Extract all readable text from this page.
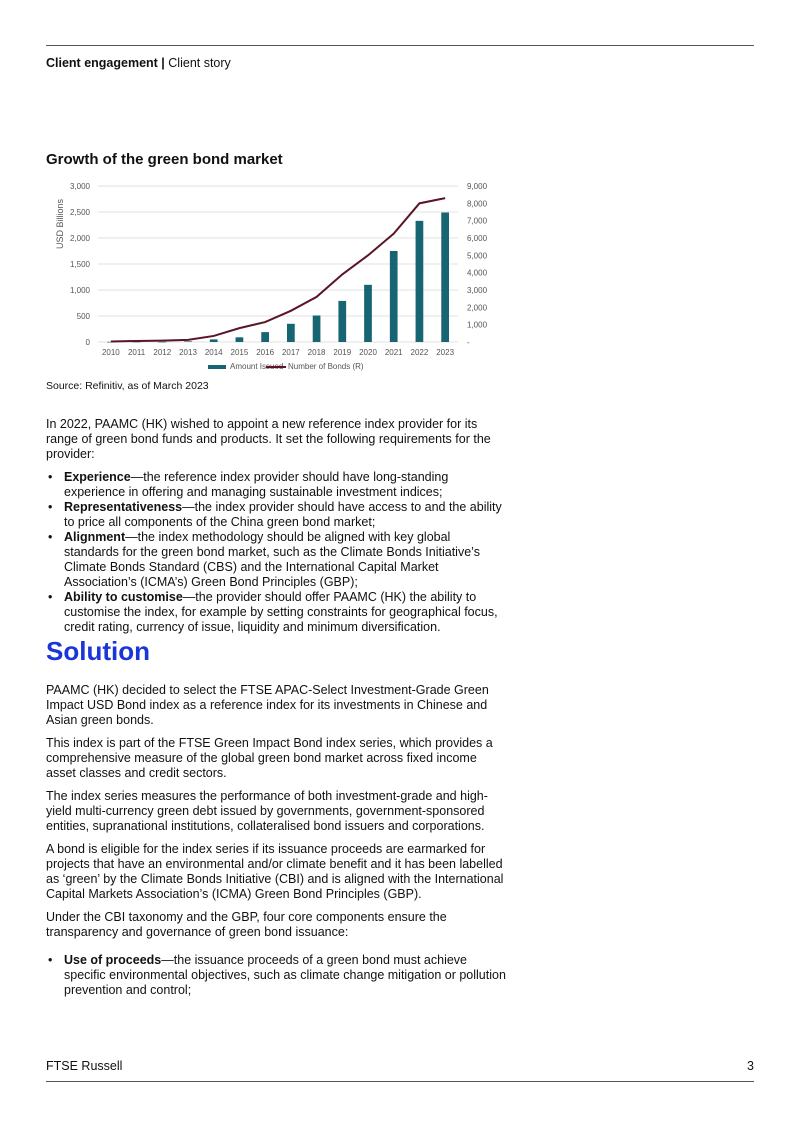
Client engagement | Client story
Growth of the green bond market
0
500
1,000
1,500
2,000
2,500
3,000
-
1,000
2,000
3,000
4,000
5,000
6,000
7,000
8,000
9,000
USD Billions
2010 2011 2012 2013 2014 2015 2016 2017 2018 2019 2020 2021 2022 2023
Amount Issued Number of Bonds (R)
Source: Refinitiv, as of March 2023

In 2022, PAAMC (HK) wished to appoint a new reference index provider for its range of green bond funds and products. It set the following requirements for the provider:

• Experience—the reference index provider should have long-standing experience in offering and managing sustainable investment indices;
• Representativeness—the index provider should have access to and the ability to price all components of the China green bond market;
• Alignment—the index methodology should be aligned with key global standards for the green bond market, such as the Climate Bonds Initiative’s Climate Bonds Standard (CBS) and the International Capital Market Association’s (ICMA’s) Green Bond Principles (GBP);
• Ability to customise—the provider should offer PAAMC (HK) the ability to customise the index, for example by setting constraints for geographical focus, credit rating, currency of issue, liquidity and minimum diversification.
Solution

PAAMC (HK) decided to select the FTSE APAC-Select Investment-Grade Green Impact USD Bond index as a reference index for its investments in Chinese and Asian green bonds.

This index is part of the FTSE Green Impact Bond index series, which provides a comprehensive measure of the global green bond market across fixed income asset classes and credit sectors.

The index series measures the performance of both investment-grade and high-yield multi-currency green debt issued by governments, government-sponsored entities, supranational institutions, collateralised bond issuers and corporations.

A bond is eligible for the index series if its issuance proceeds are earmarked for projects that have an environmental and/or climate benefit and it has been labelled as ‘green’ by the Climate Bonds Initiative (CBI) and is aligned with the International Capital Markets Association’s (ICMA) Green Bond Principles (GBP).

Under the CBI taxonomy and the GBP, four core components ensure the transparency and governance of green bond issuance:

• Use of proceeds—the issuance proceeds of a green bond must achieve specific environmental objectives, such as climate change mitigation or pollution prevention and control;
FTSE Russell	3
